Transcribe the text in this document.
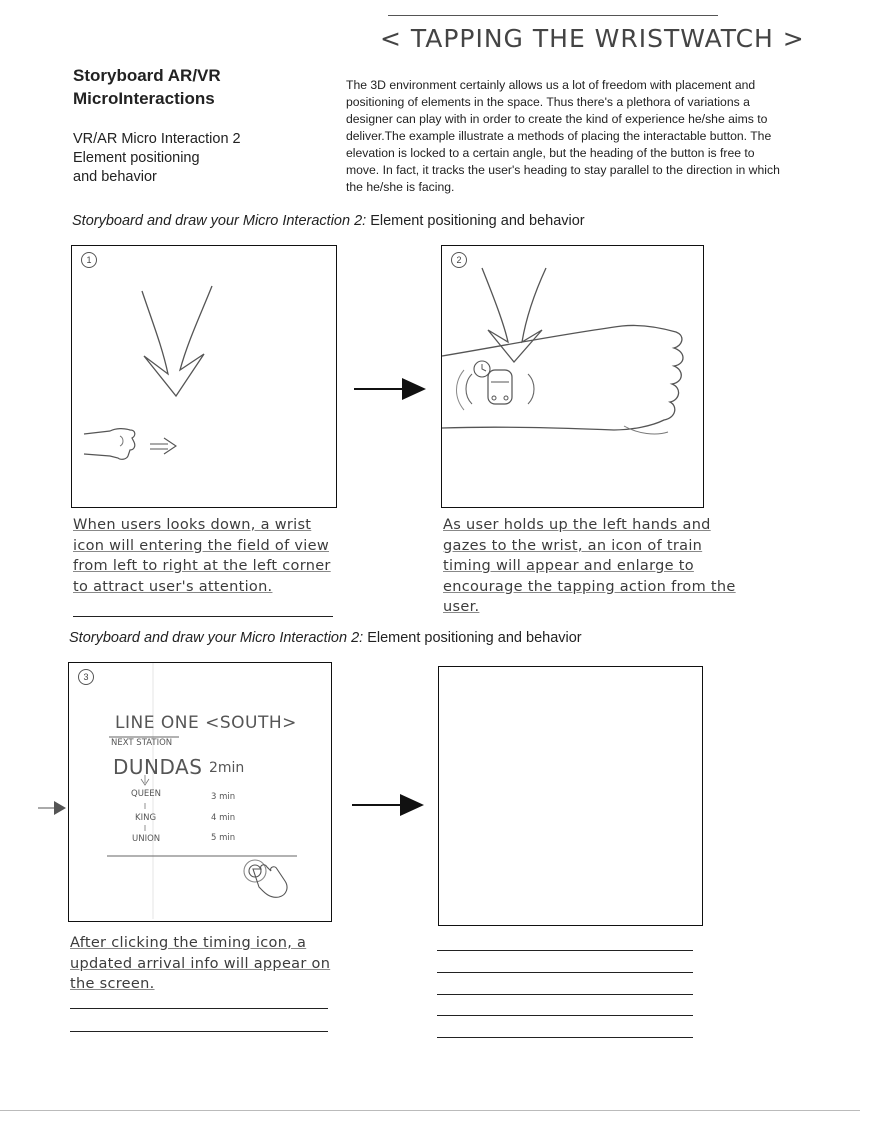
< TAPPING THE WRISTWATCH >
Storyboard AR/VR MicroInteractions
VR/AR Micro Interaction 2
Element positioning
and behavior
The 3D environment certainly allows us a lot of freedom with placement and positioning of elements in the space. Thus there's a plethora of variations a designer can play with in order to create the kind of experience he/she aims to deliver.The example illustrate a methods of placing the interactable button. The elevation is locked to a certain angle, but the heading of the button is free to move. In fact, it tracks the user's heading to stay parallel to the direction in which the he/she is facing.
Storyboard and draw your Micro Interaction 2: Element positioning and behavior
1	2
When users looks down, a wrist icon will entering the field of view from left to right at the left corner to attract user's attention.
As user holds up the left hands and gazes to the wrist, an icon of train timing will appear and enlarge to encourage the tapping action from the user.
Storyboard and draw your Micro Interaction 2: Element positioning and behavior
3
LINE ONE <SOUTH>
NEXT STATION
DUNDAS 2min
QUEEN	3 min
KING	4 min
UNION	5 min
After clicking the timing icon, a updated arrival info will appear on the screen.
